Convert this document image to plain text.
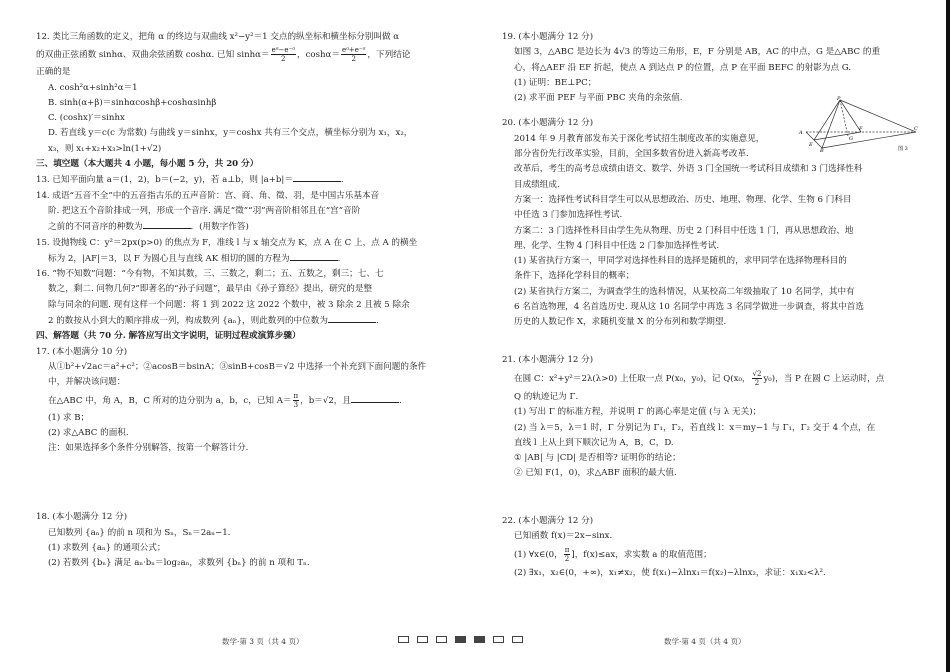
12. 类比三角函数的定义，把角 α 的终边与双曲线 x²−y²＝1 交点的纵坐标和横坐标分别叫做 α
的双曲正弦函数 sinhα、双曲余弦函数 coshα. 已知 $\sinh\alpha= \frac{\text{eᵅ−e⁻ᵅ}}{2}$ ，$\cosh\alpha= \frac{\text{eᵅ+e⁻ᵅ}}{2}$ ，下列结论
正确的是
A. cosh²α+sinh²α＝1
B. sinh(α+β)＝sinhαcoshβ+coshαsinhβ
C. (coshx)′＝sinhx
D. 若直线 y＝c(c 为常数) 与曲线 y＝sinhx，y＝coshx 共有三个交点，横坐标分别为 x₁，x₂，
x₃，则 x₁+x₂+x₃>ln(1+√2)
三、填空题（本大题共 4 小题，每小题 5 分，共 20 分）
13. 已知平面向量 a＝(1，2)，b＝(−2，y)，若 a⊥b，则 |a+b|＝	.
14. 成语“五音不全”中的五音指古乐的五声音阶：宫、商、角、徵、羽，是中国古乐基本音
阶. 把这五个音阶排成一列，形成一个音序. 满足“徵”“羽”两音阶相邻且在“宫”音阶
之前的不同音序的种数为	．(用数字作答)
15. 设抛物线 C：y²＝2px(p>0) 的焦点为 F，准线 l 与 x 轴交点为 K，点 A 在 C 上，点 A 的横坐
标为 2，|AF|＝3，以 F 为圆心且与直线 AK 相切的圆的方程为	.
16. “物不知数”问题：“今有物，不知其数，三、三数之，剩二；五、五数之，剩三；七、七
数之，剩二. 问物几何?”即著名的“孙子问题”，最早由《孙子算经》提出，研究的是整
除与同余的问题. 现有这样一个问题：将 1 到 2022 这 2022 个数中，被 3 除余 2 且被 5 除余
2 的数按从小到大的顺序排成一列，构成数列 {aₙ}，则此数列的中位数为	.
四、解答题（共 70 分. 解答应写出文字说明，证明过程或演算步骤）
17. (本小题满分 10 分)
从①b²+√2ac＝a²+c²；②acosB＝bsinA；③sinB+cosB＝√2 中选择一个补充到下面问题的条件
中，并解决该问题：
在△ABC 中，角 A，B，C 所对的边分别为 a，b，c，已知 $A= \frac{\pi}{3}$ ，b＝√2，且	.
(1) 求 B；
(2) 求△ABC 的面积.
注：如果选择多个条件分别解答，按第一个解答计分.
18. (本小题满分 12 分)
已知数列 {aₙ} 的前 n 项和为 Sₙ，Sₙ＝2aₙ−1.
(1) 求数列 {aₙ} 的通项公式；
(2) 若数列 {bₙ} 满足 aₙ·bₙ＝log₂aₙ，求数列 {bₙ} 的前 n 项和 Tₙ.
19. (本小题满分 12 分)
如图 3，△ABC 是边长为 4√3 的等边三角形，E，F 分别是 AB，AC 的中点，G 是△ABC 的重
心，将△AEF 沿 EF 折起，使点 A 到达点 P 的位置，点 P 在平面 BEFC 的射影为点 G.
(1) 证明：BE⊥PC；
(2) 求平面 PEF 与平面 PBC 夹角的余弦值.
20. (本小题满分 12 分)
2014 年 9 月教育部发布关于深化考试招生制度改革的实施意见，
部分省份先行改革实验，目前，全国多数省份进入新高考改革.
改革后，考生的高考总成绩由语文、数学、外语 3 门全国统一考试科目成绩和 3 门选择性科
目成绩组成.
方案一：选择性考试科目学生可以从思想政治、历史、地理、物理、化学、生物 6 门科目
中任选 3 门参加选择性考试.
方案二：3 门选择性科目由学生先从物理、历史 2 门科目中任选 1 门，再从思想政治、地
理、化学、生物 4 门科目中任选 2 门参加选择性考试.
(1) 某省执行方案一，甲同学对选择性科目的选择是随机的，求甲同学在选择物理科目的
条件下，选择化学科目的概率；
(2) 某省执行方案二，为调查学生的选科情况，从某校高二年级抽取了 10 名同学，其中有
6 名首选物理，4 名首选历史. 现从这 10 名同学中再选 3 名同学做进一步调查，将其中首选
历史的人数记作 X，求随机变量 X 的分布列和数学期望.
21. (本小题满分 12 分)
在圆 C：x²+y²＝2λ(λ>0) 上任取一点 P(x₀，y₀)，记 Q(x₀， $\frac{√2}{2} y_0$)，当 P 在圆 C 上运动时，点
Q 的轨迹记为 Γ.
(1) 写出 Γ 的标准方程，并说明 Γ 的离心率是定值 (与 λ 无关)；
(2) 当 λ＝5，λ＝1 时，Γ 分别记为 Γ₁，Γ₂，若直线 l：x＝my−1 与 Γ₁，Γ₂ 交于 4 个点，在
直线 l 上从上到下顺次记为 A，B，C，D.
① |AB| 与 |CD| 是否相等? 证明你的结论；
② 已知 F(1，0)，求△ABF 面积的最大值.
22. (本小题满分 12 分)
已知函数 f(x)＝2x−sinx.
(1) ∀x∈(0， $\frac{\pi}{2}$ ]，f(x)≤ax，求实数 a 的取值范围；
(2) ∃x₁，x₂∈(0，+∞)，x₁≠x₂，使 f(x₁)−λlnx₁＝f(x₂)−λlnx₂，求证：x₁x₂<λ².
P
G
A
E
F
B
C
图 3
数学·第 3 页（共 4 页）	数学·第 4 页（共 4 页）
